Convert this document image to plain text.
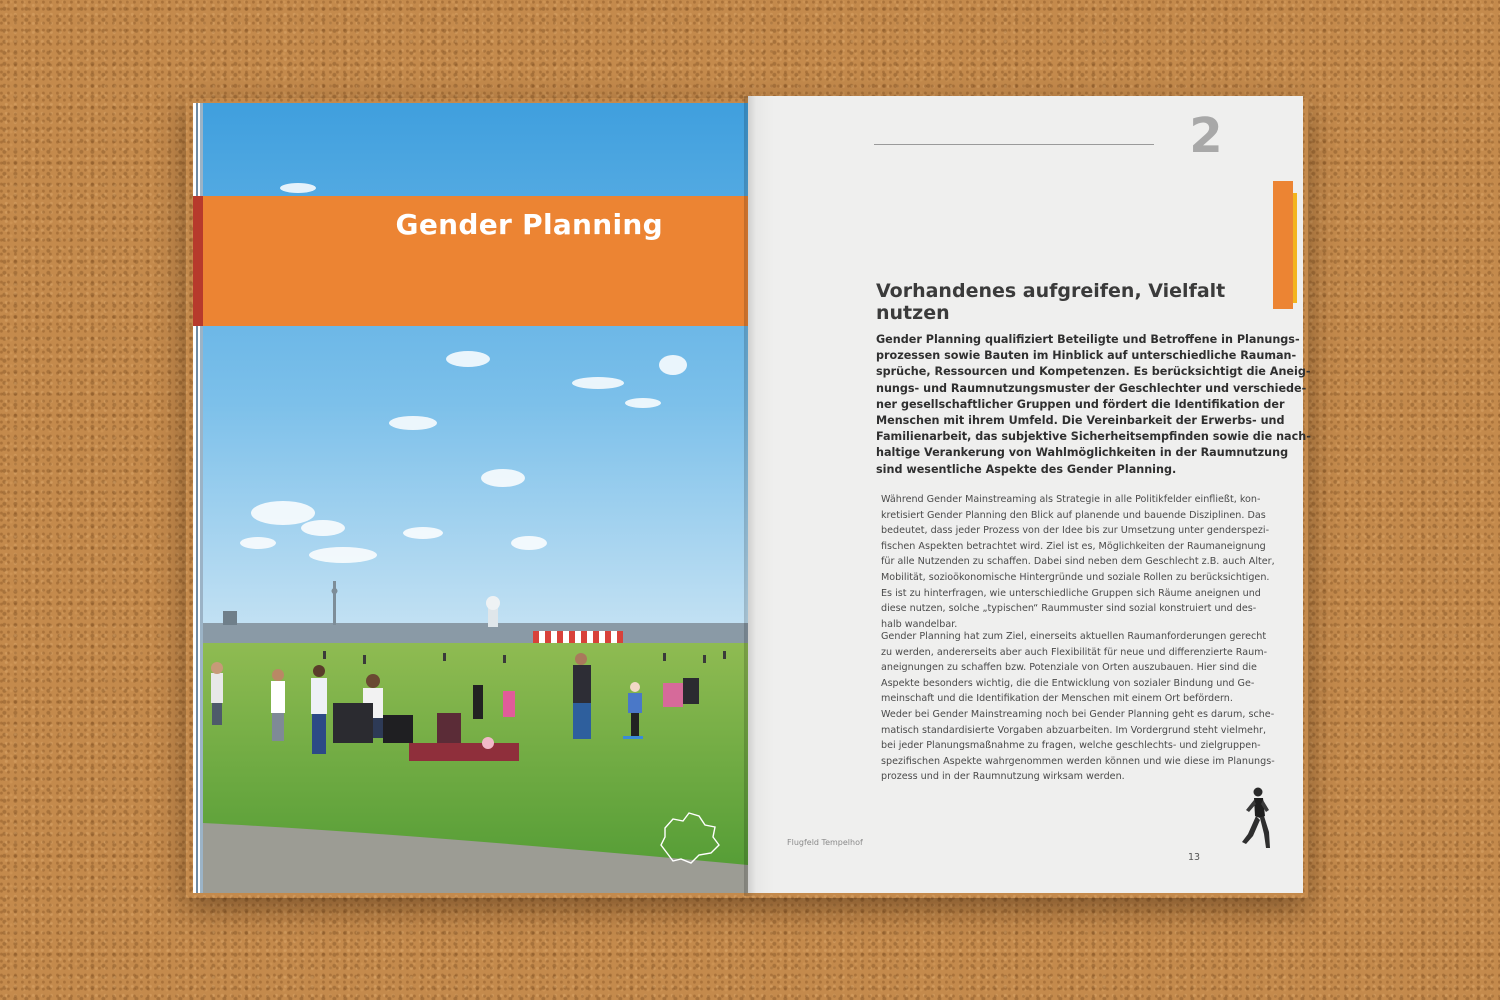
Gender Planning
2
Vorhandenes aufgreifen, Vielfalt nutzen
Gender Planning qualifiziert Beteiligte und Betroffene in Planungs-
prozessen sowie Bauten im Hinblick auf unterschiedliche Rauman-
sprüche, Ressourcen und Kompetenzen. Es berücksichtigt die Aneig-
nungs- und Raumnutzungsmuster der Geschlechter und verschiede-
ner gesellschaftlicher Gruppen und fördert die Identifikation der
Menschen mit ihrem Umfeld. Die Vereinbarkeit der Erwerbs- und
Familienarbeit, das subjektive Sicherheitsempfinden sowie die nach-
haltige Verankerung von Wahlmöglichkeiten in der Raumnutzung
sind wesentliche Aspekte des Gender Planning.
Während Gender Mainstreaming als Strategie in alle Politikfelder einfließt, kon-
kretisiert Gender Planning den Blick auf planende und bauende Disziplinen. Das
bedeutet, dass jeder Prozess von der Idee bis zur Umsetzung unter genderspezi-
fischen Aspekten betrachtet wird. Ziel ist es, Möglichkeiten der Raumaneignung
für alle Nutzenden zu schaffen. Dabei sind neben dem Geschlecht z.B. auch Alter,
Mobilität, sozioökonomische Hintergründe und soziale Rollen zu berücksichtigen.
Es ist zu hinterfragen, wie unterschiedliche Gruppen sich Räume aneignen und
diese nutzen, solche „typischen“ Raummuster sind sozial konstruiert und des-
halb wandelbar.
Gender Planning hat zum Ziel, einerseits aktuellen Raumanforderungen gerecht
zu werden, andererseits aber auch Flexibilität für neue und differenzierte Raum-
aneignungen zu schaffen bzw. Potenziale von Orten auszubauen. Hier sind die
Aspekte besonders wichtig, die die Entwicklung von sozialer Bindung und Ge-
meinschaft und die Identifikation der Menschen mit einem Ort befördern.
Weder bei Gender Mainstreaming noch bei Gender Planning geht es darum, sche-
matisch standardisierte Vorgaben abzuarbeiten. Im Vordergrund steht vielmehr,
bei jeder Planungsmaßnahme zu fragen, welche geschlechts- und zielgruppen-
spezifischen Aspekte wahrgenommen werden können und wie diese im Planungs-
prozess und in der Raumnutzung wirksam werden.
13
Flugfeld Tempelhof
